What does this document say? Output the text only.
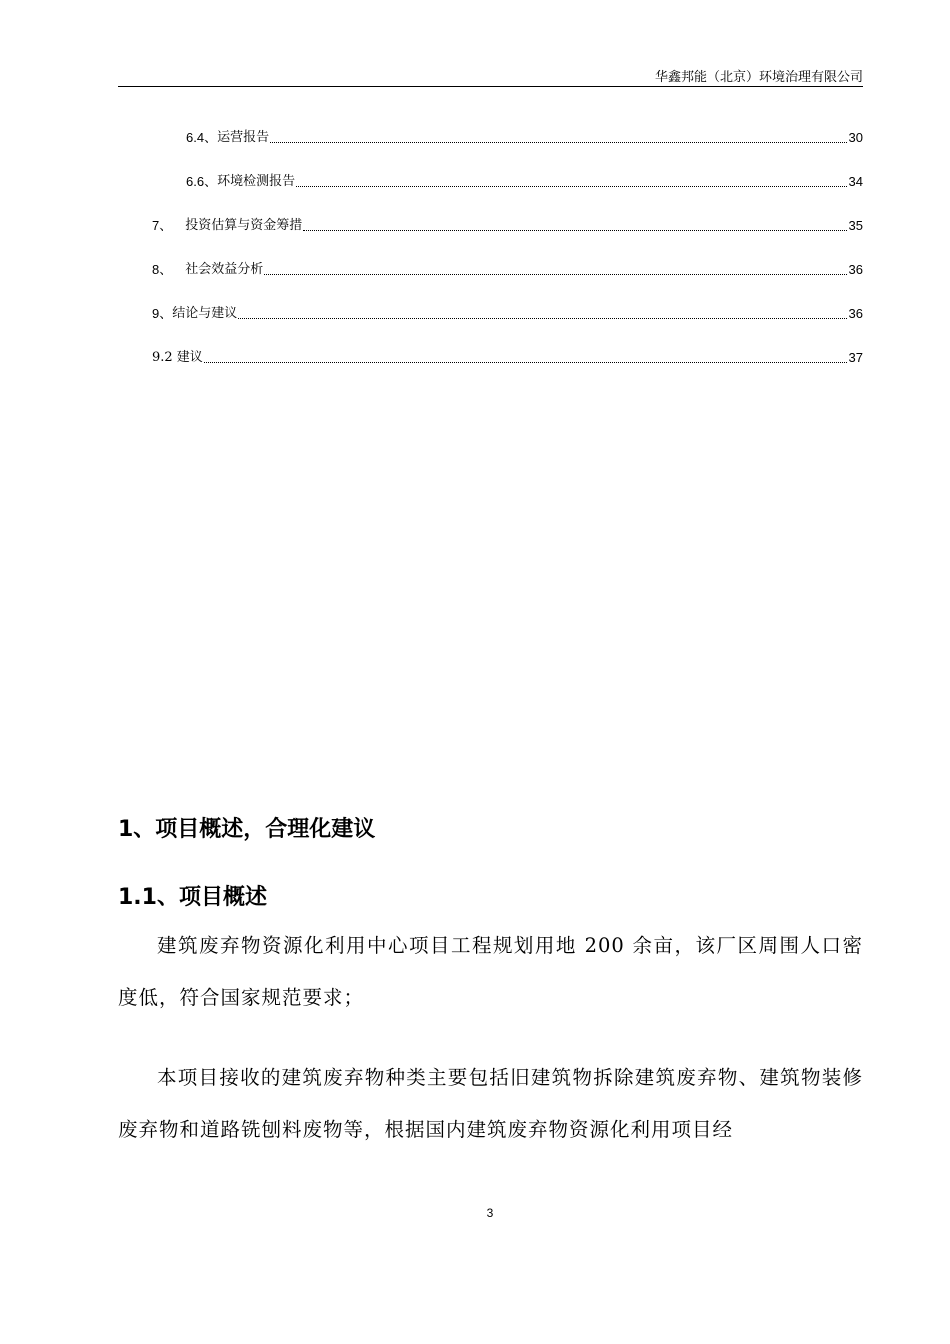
华鑫邦能（北京）环境治理有限公司
6.4、 运营报告	30
6.6、 环境检测报告	34
7、 　投资估算与资金筹措	35
8、 　社会效益分析	36
9、 结论与建议	36
9.2 建议	37
1、项目概述，合理化建议
1.1、项目概述
建筑废弃物资源化利用中心项目工程规划用地 200 余亩，该厂区周围人口密度低，符合国家规范要求；
本项目接收的建筑废弃物种类主要包括旧建筑物拆除建筑废弃物、建筑物装修废弃物和道路铣刨料废物等，根据国内建筑废弃物资源化利用项目经
3
